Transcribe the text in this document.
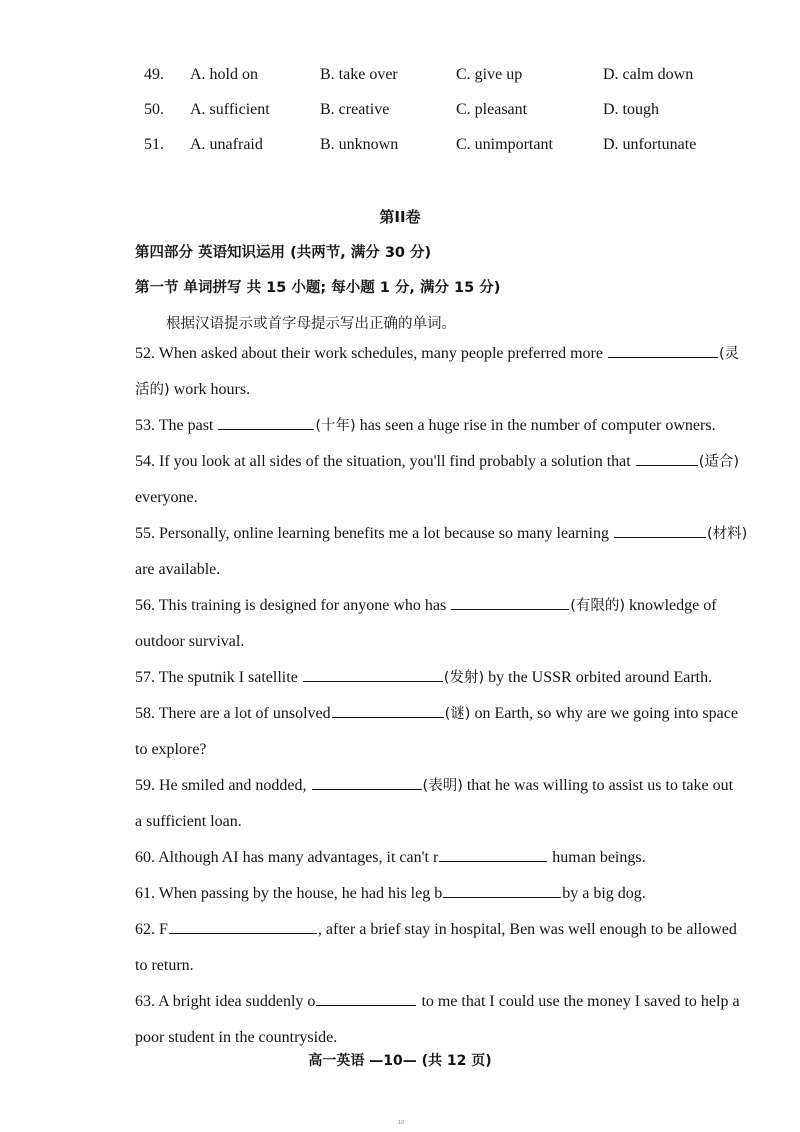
49. A. hold on	B. take over	C. give up	D. calm down
50. A. sufficient	B. creative	C. pleasant	D. tough
51. A. unafraid	B. unknown	C. unimportant	D. unfortunate
第II卷
第四部分 英语知识运用 (共两节, 满分 30 分)
第一节 单词拼写 共 15 小题; 每小题 1 分, 满分 15 分)
根据汉语提示或首字母提示写出正确的单词。
52. When asked about their work schedules, many people preferred more	(灵
活的) work hours.
53. The past	(十年) has seen a huge rise in the number of computer owners.
54. If you look at all sides of the situation, you'll find probably a solution that	(适合)
everyone.
55. Personally, online learning benefits me a lot because so many learning	(材料)
are available.
56. This training is designed for anyone who has	(有限的) knowledge of
outdoor survival.
57. The sputnik I satellite	(发射) by the USSR orbited around Earth.
58. There are a lot of unsolved	(谜) on Earth, so why are we going into space
to explore?
59. He smiled and nodded,	(表明) that he was willing to assist us to take out
a sufficient loan.
60. Although AI has many advantages, it can't r	human beings.
61. When passing by the house, he had his leg b	by a big dog.
62. F	, after a brief stay in hospital, Ben was well enough to be allowed
to return.
63. A bright idea suddenly o	to me that I could use the money I saved to help a
poor student in the countryside.
高一英语 —10— (共 12 页)
10
